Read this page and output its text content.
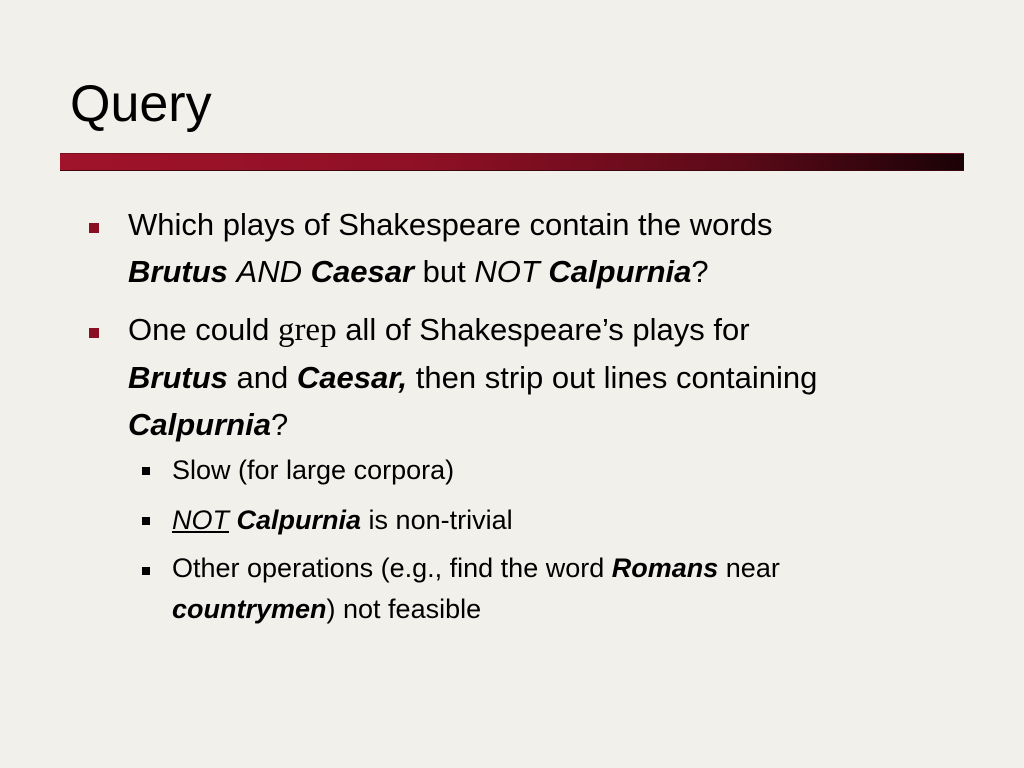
Query
Which plays of Shakespeare contain the words
Brutus AND Caesar but NOT Calpurnia?
One could grep all of Shakespeare’s plays for
Brutus and Caesar, then strip out lines containing
Calpurnia?
Slow (for large corpora)
NOT Calpurnia is non-trivial
Other operations (e.g., find the word Romans near
countrymen) not feasible
